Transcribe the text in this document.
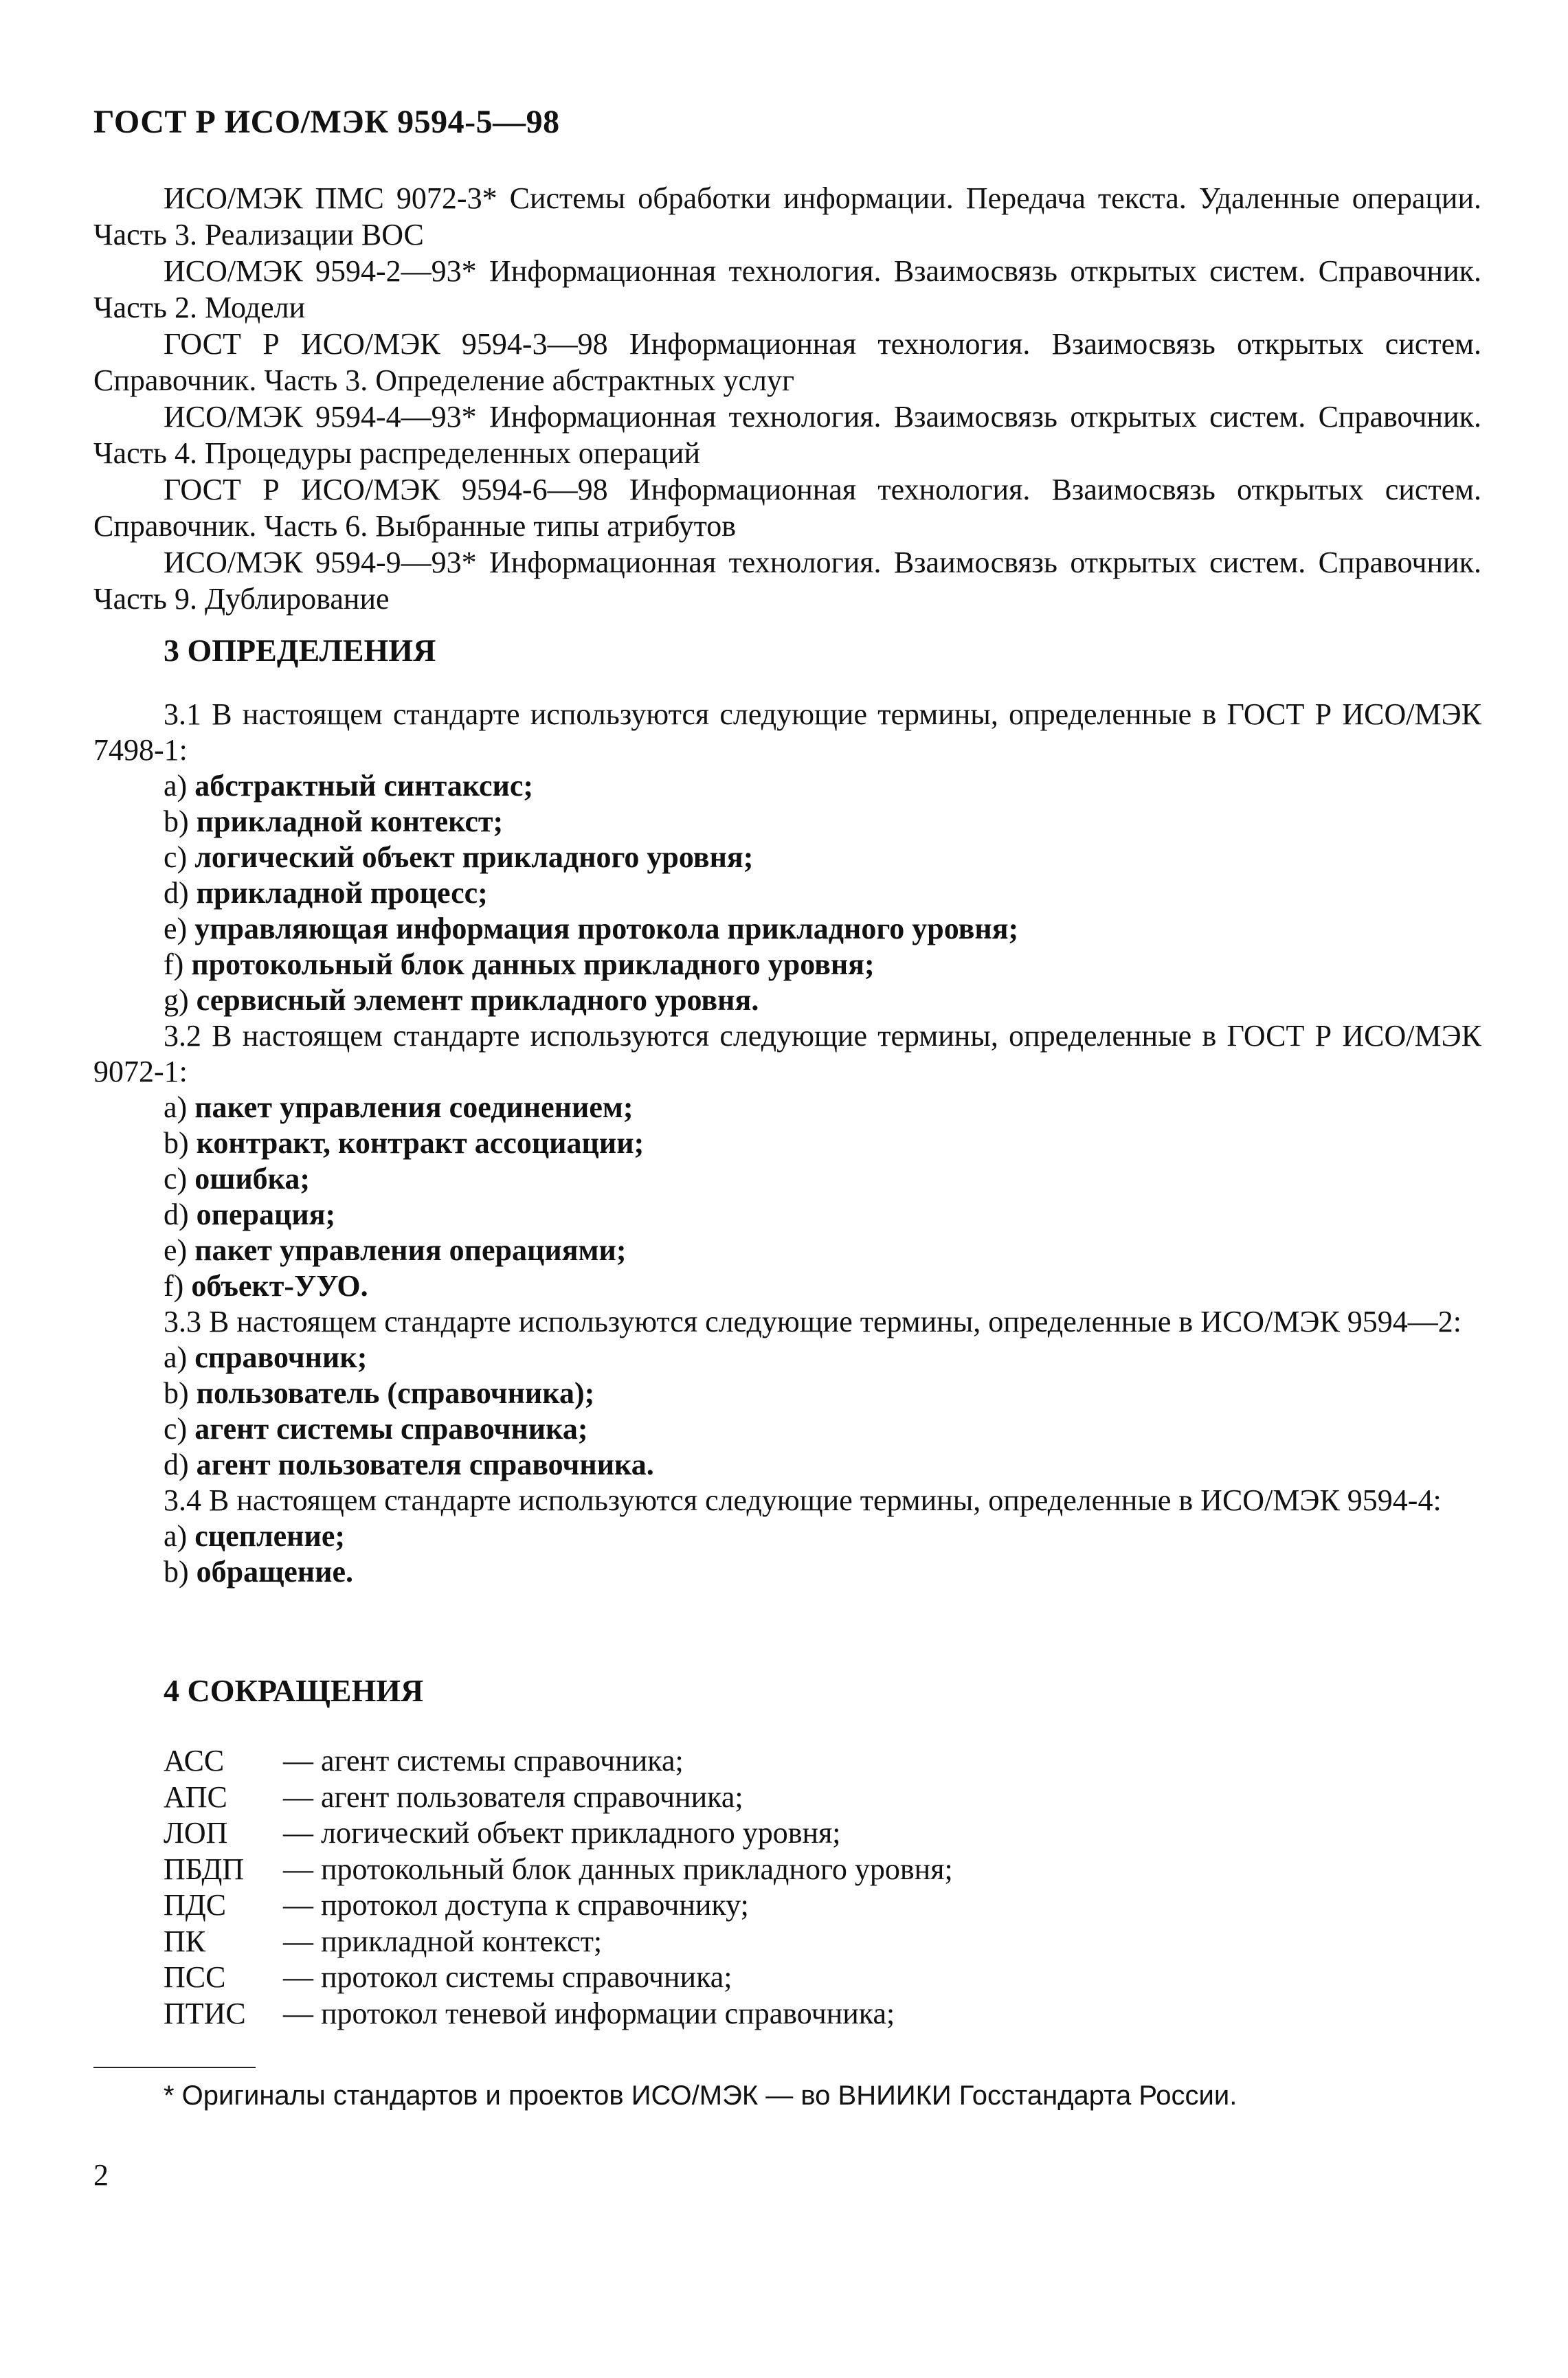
ГОСТ Р ИСО/МЭК 9594-5—98

ИСО/МЭК ПМС 9072-3* Системы обработки информации. Передача текста. Удаленные операции. Часть 3. Реализации ВОС

ИСО/МЭК 9594-2—93* Информационная технология. Взаимосвязь открытых систем. Справочник. Часть 2. Модели

ГОСТ Р ИСО/МЭК 9594-3—98 Информационная технология. Взаимосвязь открытых систем. Справочник. Часть 3. Определение абстрактных услуг

ИСО/МЭК 9594-4—93* Информационная технология. Взаимосвязь открытых систем. Справочник. Часть 4. Процедуры распределенных операций

ГОСТ Р ИСО/МЭК 9594-6—98 Информационная технология. Взаимосвязь открытых систем. Справочник. Часть 6. Выбранные типы атрибутов

ИСО/МЭК 9594-9—93* Информационная технология. Взаимосвязь открытых систем. Справочник. Часть 9. Дублирование

3 ОПРЕДЕЛЕНИЯ

3.1 В настоящем стандарте используются следующие термины, определенные в ГОСТ Р ИСО/МЭК 7498-1:

a) абстрактный синтаксис;

b) прикладной контекст;

c) логический объект прикладного уровня;

d) прикладной процесс;

e) управляющая информация протокола прикладного уровня;

f) протокольный блок данных прикладного уровня;

g) сервисный элемент прикладного уровня.

3.2 В настоящем стандарте используются следующие термины, определенные в ГОСТ Р ИСО/МЭК 9072-1:

a) пакет управления соединением;

b) контракт, контракт ассоциации;

c) ошибка;

d) операция;

e) пакет управления операциями;

f) объект-УУО.

3.3 В настоящем стандарте используются следующие термины, определенные в ИСО/МЭК 9594—2:

a) справочник;

b) пользователь (справочника);

c) агент системы справочника;

d) агент пользователя справочника.

3.4 В настоящем стандарте используются следующие термины, определенные в ИСО/МЭК 9594-4:

a) сцепление;

b) обращение.

4 СОКРАЩЕНИЯ
АСС	— агент системы справочника;
АПС	— агент пользователя справочника;
ЛОП	— логический объект прикладного уровня;
ПБДП	— протокольный блок данных прикладного уровня;
ПДС	— протокол доступа к справочнику;
ПК	— прикладной контекст;
ПСС	— протокол системы справочника;
ПТИС	— протокол теневой информации справочника;
* Оригиналы стандартов и проектов ИСО/МЭК — во ВНИИКИ Госстандарта России.
2
